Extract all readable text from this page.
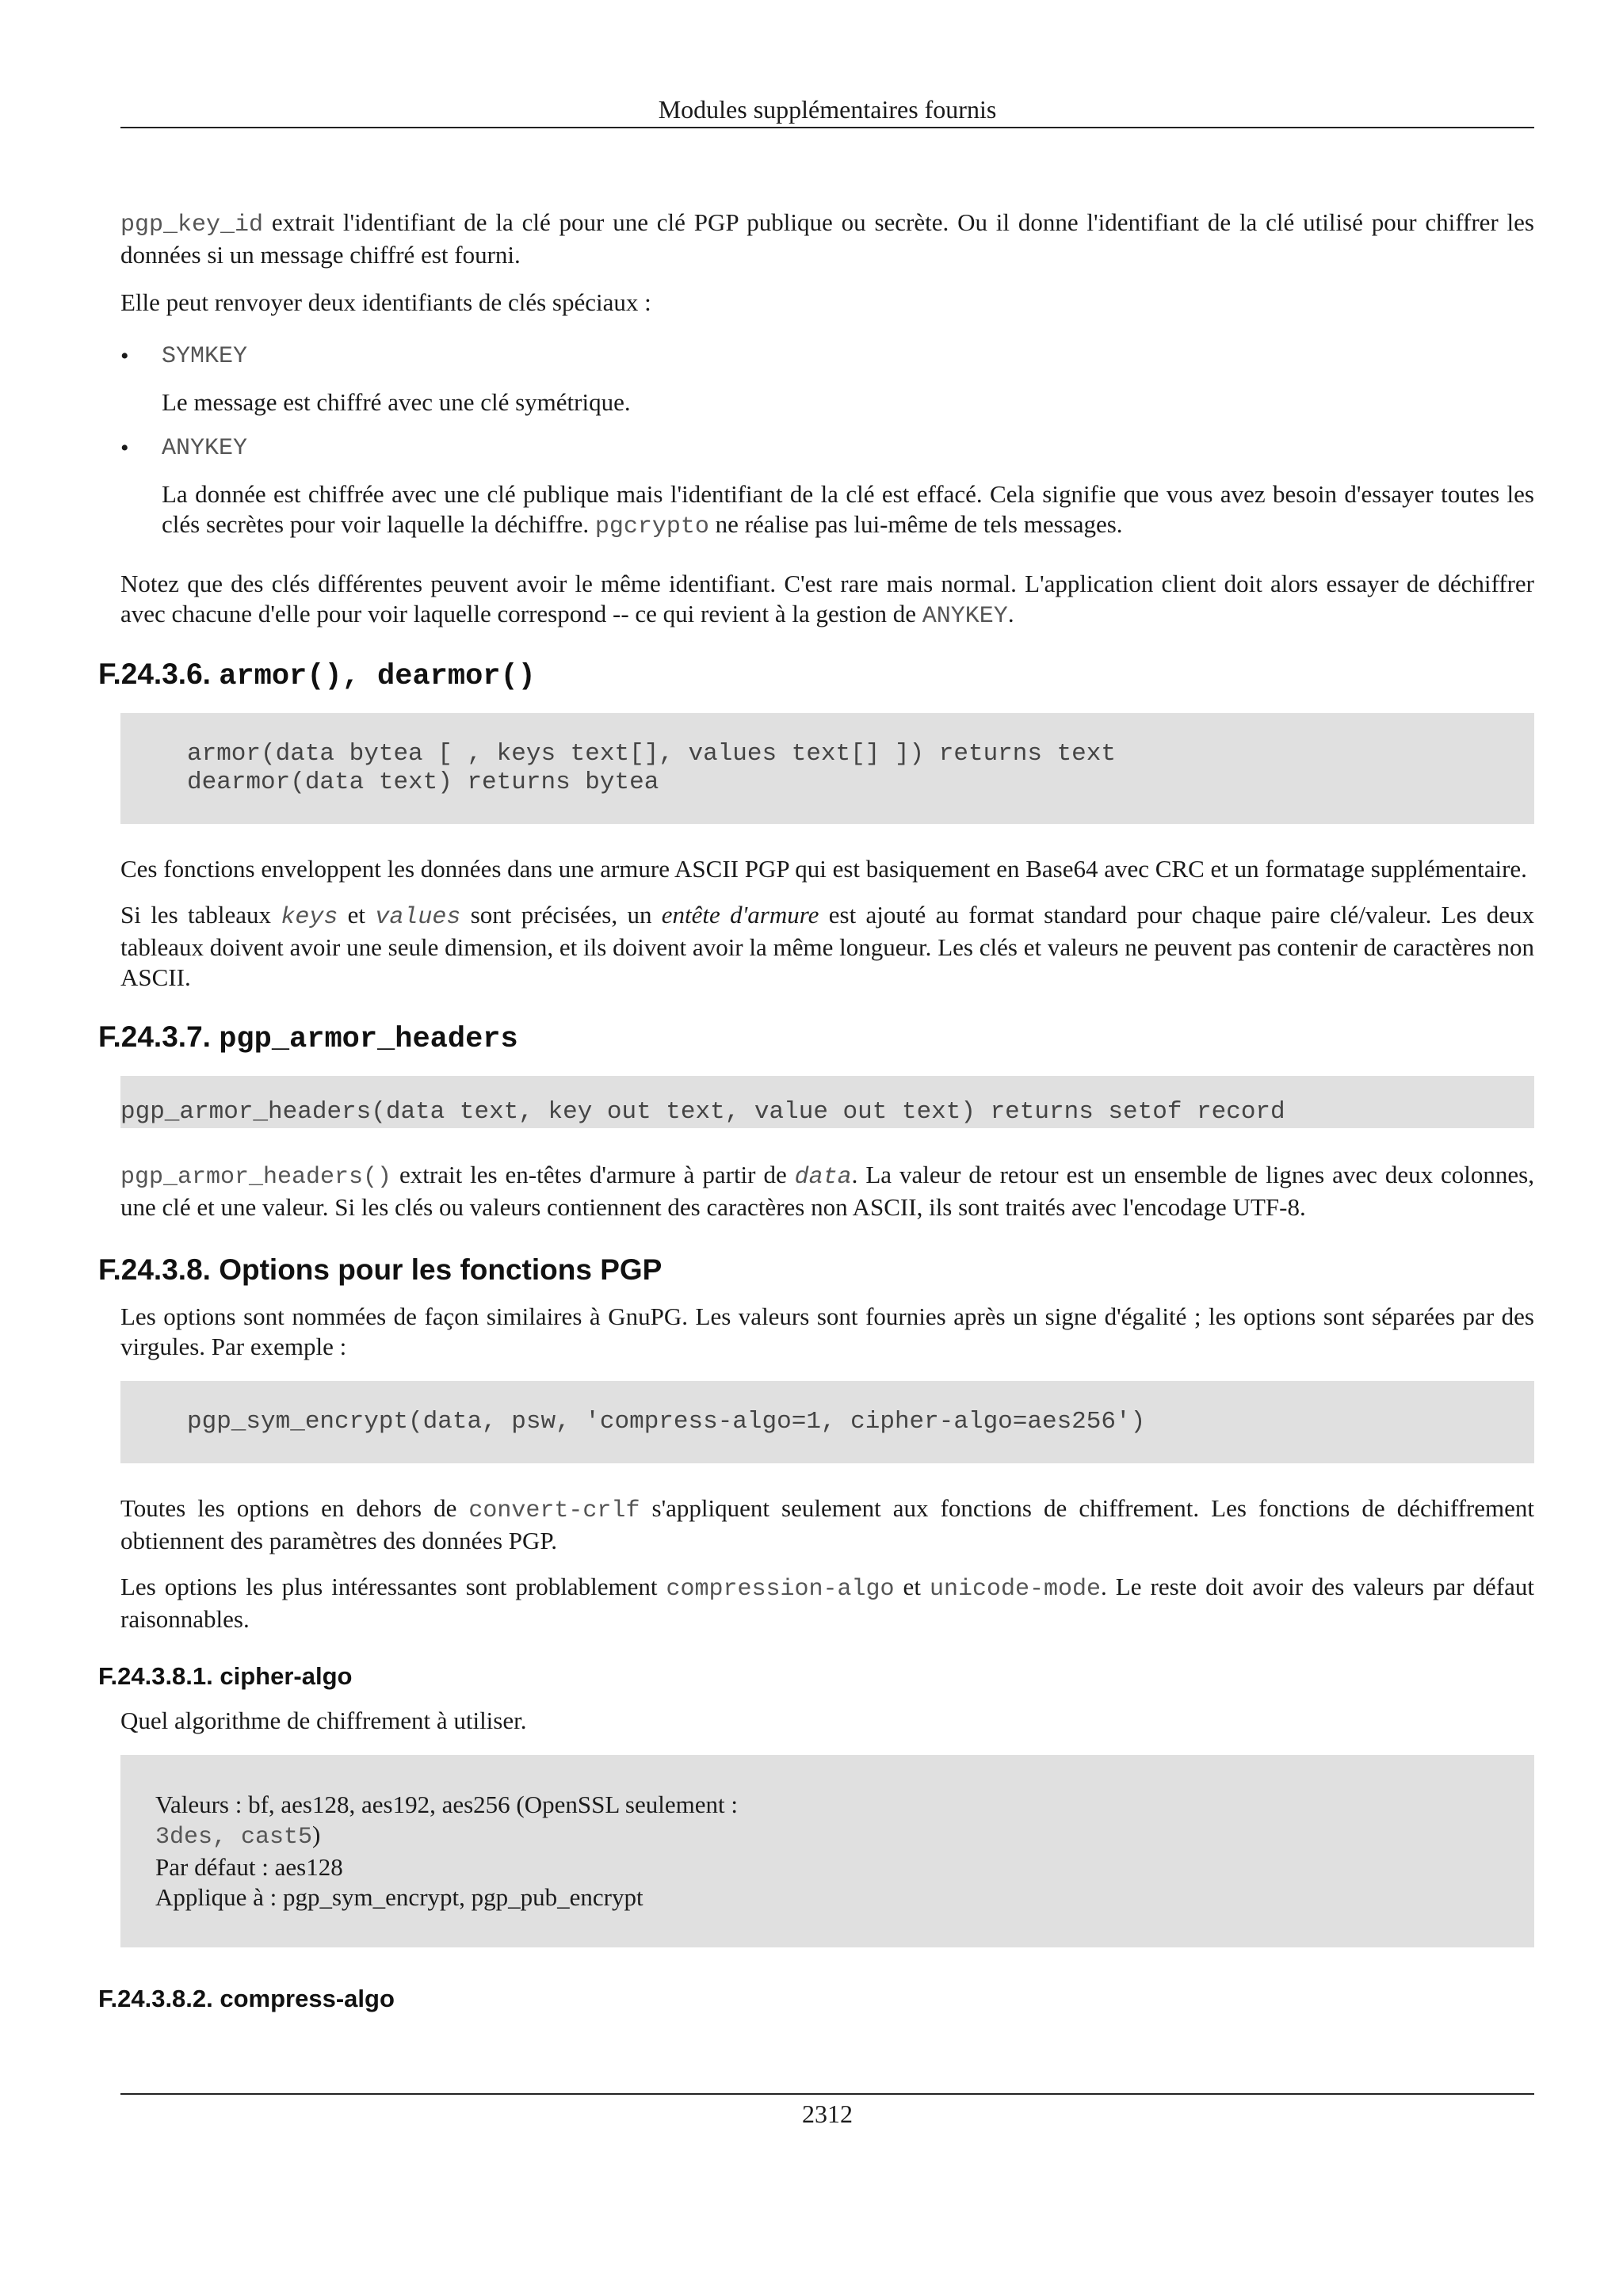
Modules supplémentaires fournis

pgp_key_id extrait l'identifiant de la clé pour une clé PGP publique ou secrète. Ou il donne l'identifiant de la clé utilisé pour chiffrer les données si un message chiffré est fourni.

Elle peut renvoyer deux identifiants de clés spéciaux :

• SYMKEY

Le message est chiffré avec une clé symétrique.

• ANYKEY

La donnée est chiffrée avec une clé publique mais l'identifiant de la clé est effacé. Cela signifie que vous avez besoin d'essayer toutes les clés secrètes pour voir laquelle la déchiffre. pgcrypto ne réalise pas lui-même de tels messages.

Notez que des clés différentes peuvent avoir le même identifiant. C'est rare mais normal. L'application client doit alors essayer de déchiffrer avec chacune d'elle pour voir laquelle correspond -- ce qui revient à la gestion de ANYKEY.

F.24.3.6. armor(), dearmor()
armor(data bytea [ , keys text[], values text[] ]) returns text
dearmor(data text) returns bytea

Ces fonctions enveloppent les données dans une armure ASCII PGP qui est basiquement en Base64 avec CRC et un formatage supplémentaire.

Si les tableaux keys et values sont précisées, un entête d'armure est ajouté au format standard pour chaque paire clé/valeur. Les deux tableaux doivent avoir une seule dimension, et ils doivent avoir la même longueur. Les clés et valeurs ne peuvent pas contenir de caractères non ASCII.

F.24.3.7. pgp_armor_headers
pgp_armor_headers(data text, key out text, value out text) returns setof record

pgp_armor_headers() extrait les en-têtes d'armure à partir de data. La valeur de retour est un ensemble de lignes avec deux colonnes, une clé et une valeur. Si les clés ou valeurs contiennent des caractères non ASCII, ils sont traités avec l'encodage UTF-8.

F.24.3.8. Options pour les fonctions PGP

Les options sont nommées de façon similaires à GnuPG. Les valeurs sont fournies après un signe d'égalité ; les options sont séparées par des virgules. Par exemple :

pgp_sym_encrypt(data, psw, 'compress-algo=1, cipher-algo=aes256')

Toutes les options en dehors de convert-crlf s'appliquent seulement aux fonctions de chiffrement. Les fonctions de déchiffrement obtiennent des paramètres des données PGP.

Les options les plus intéressantes sont problablement compression-algo et unicode-mode. Le reste doit avoir des valeurs par défaut raisonnables.

F.24.3.8.1. cipher-algo

Quel algorithme de chiffrement à utiliser.

Valeurs : bf, aes128, aes192, aes256 (OpenSSL seulement :
3des, cast5)
Par défaut : aes128
Applique à : pgp_sym_encrypt, pgp_pub_encrypt
F.24.3.8.2. compress-algo
2312
